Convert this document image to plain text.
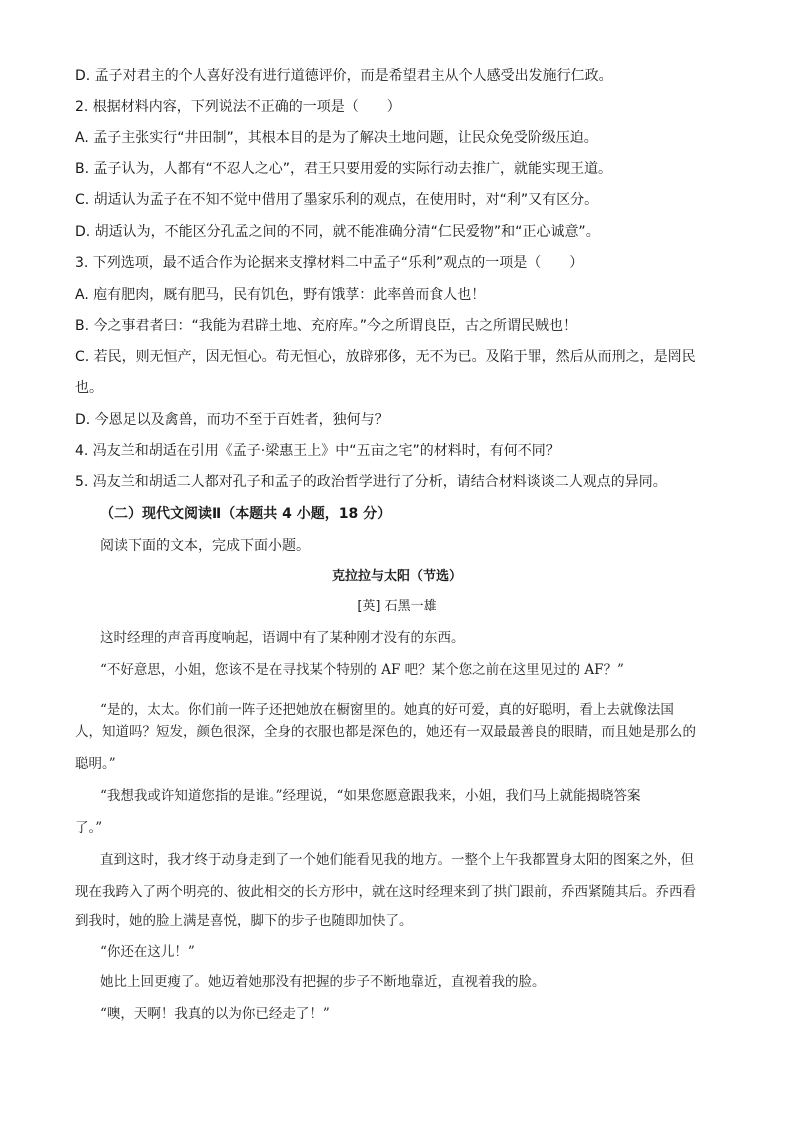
D. 孟子对君主的个人喜好没有进行道德评价，而是希望君主从个人感受出发施行仁政。
2. 根据材料内容，下列说法不正确的一项是（　　）
A. 孟子主张实行“井田制”，其根本目的是为了解决土地问题，让民众免受阶级压迫。
B. 孟子认为，人都有“不忍人之心”，君王只要用爱的实际行动去推广，就能实现王道。
C. 胡适认为孟子在不知不觉中借用了墨家乐利的观点，在使用时，对“利”又有区分。
D. 胡适认为，不能区分孔孟之间的不同，就不能准确分清“仁民爱物”和“正心诚意”。
3. 下列选项，最不适合作为论据来支撑材料二中孟子“乐利”观点的一项是（　　）
A. 庖有肥肉，厩有肥马，民有饥色，野有饿莩：此率兽而食人也！
B. 今之事君者曰：“我能为君辟土地、充府库。”今之所谓良臣，古之所谓民贼也！
C. 若民，则无恒产，因无恒心。苟无恒心，放辟邪侈，无不为已。及陷于罪，然后从而刑之，是罔民
也。
D. 今恩足以及禽兽，而功不至于百姓者，独何与？
4. 冯友兰和胡适在引用《孟子·梁惠王上》中“五亩之宅”的材料时，有何不同？
5. 冯友兰和胡适二人都对孔子和孟子的政治哲学进行了分析，请结合材料谈谈二人观点的异同。
（二）现代文阅读Ⅱ（本题共 4 小题，18 分）
阅读下面的文本，完成下面小题。
克拉拉与太阳（节选）
[英] 石黑一雄
这时经理的声音再度响起，语调中有了某种刚才没有的东西。
“不好意思，小姐，您该不是在寻找某个特别的 AF 吧？某个您之前在这里见过的 AF？”
“是的，太太。你们前一阵子还把她放在橱窗里的。她真的好可爱，真的好聪明，看上去就像法国
人，知道吗？短发，颜色很深，全身的衣服也都是深色的，她还有一双最最善良的眼睛，而且她是那么的
聪明。”
“我想我或许知道您指的是谁。”经理说，“如果您愿意跟我来，小姐，我们马上就能揭晓答案
了。”
直到这时，我才终于动身走到了一个她们能看见我的地方。一整个上午我都置身太阳的图案之外，但
现在我跨入了两个明亮的、彼此相交的长方形中，就在这时经理来到了拱门跟前，乔西紧随其后。乔西看
到我时，她的脸上满是喜悦，脚下的步子也随即加快了。
“你还在这儿！”
她比上回更瘦了。她迈着她那没有把握的步子不断地靠近，直视着我的脸。
“噢，天啊！我真的以为你已经走了！”
